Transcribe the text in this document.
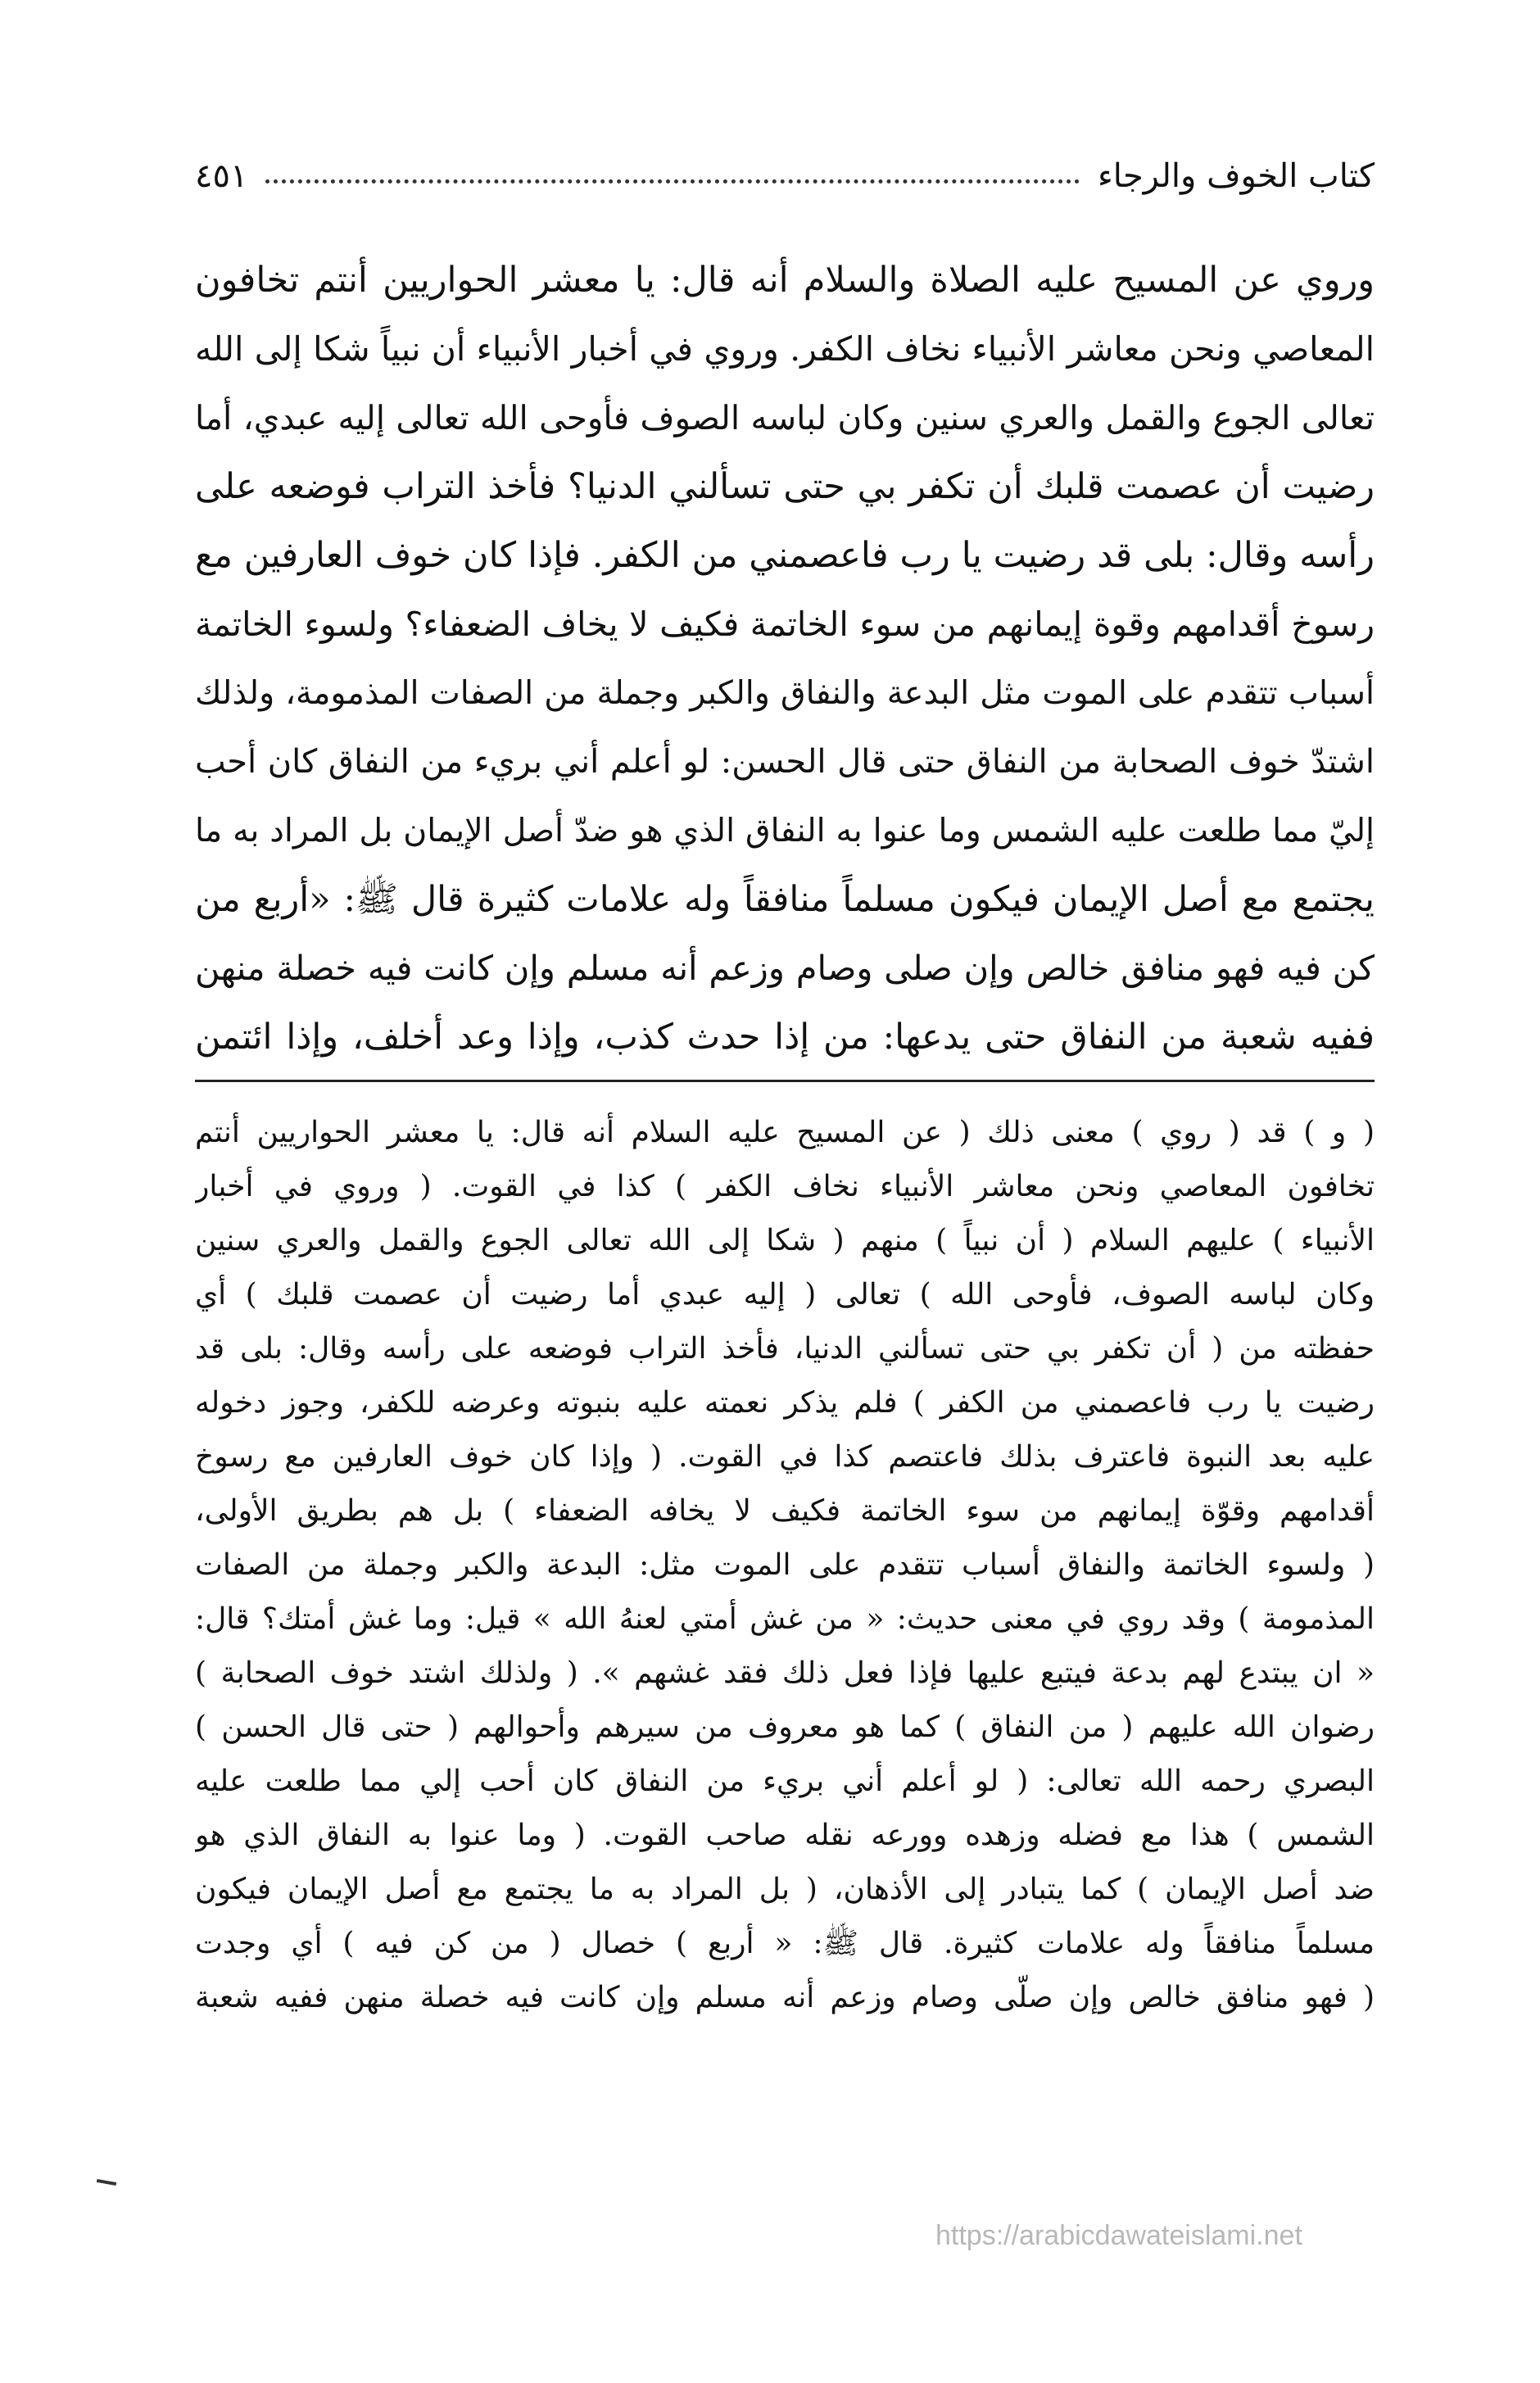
كتاب الخوف والرجاء
٤٥١
وروي عن المسيح عليه الصلاة والسلام أنه قال: يا معشر الحواريين أنتم تخافون
المعاصي ونحن معاشر الأنبياء نخاف الكفر. وروي في أخبار الأنبياء أن نبياً شكا إلى الله
تعالى الجوع والقمل والعري سنين وكان لباسه الصوف فأوحى الله تعالى إليه عبدي، أما
رضيت أن عصمت قلبك أن تكفر بي حتى تسألني الدنيا؟ فأخذ التراب فوضعه على
رأسه وقال: بلى قد رضيت يا رب فاعصمني من الكفر. فإذا كان خوف العارفين مع
رسوخ أقدامهم وقوة إيمانهم من سوء الخاتمة فكيف لا يخاف الضعفاء؟ ولسوء الخاتمة
أسباب تتقدم على الموت مثل البدعة والنفاق والكبر وجملة من الصفات المذمومة، ولذلك
اشتدّ خوف الصحابة من النفاق حتى قال الحسن: لو أعلم أني بريء من النفاق كان أحب
إليّ مما طلعت عليه الشمس وما عنوا به النفاق الذي هو ضدّ أصل الإيمان بل المراد به ما
يجتمع مع أصل الإيمان فيكون مسلماً منافقاً وله علامات كثيرة قال ﷺ: «أربع من
كن فيه فهو منافق خالص وإن صلى وصام وزعم أنه مسلم وإن كانت فيه خصلة منهن
ففيه شعبة من النفاق حتى يدعها: من إذا حدث كذب، وإذا وعد أخلف، وإذا ائتمن
( و ) قد ( روي ) معنى ذلك ( عن المسيح عليه السلام أنه قال: يا معشر الحواريين أنتم
تخافون المعاصي ونحن معاشر الأنبياء نخاف الكفر ) كذا في القوت. ( وروي في أخبار
الأنبياء ) عليهم السلام ( أن نبياً ) منهم ( شكا إلى الله تعالى الجوع والقمل والعري سنين
وكان لباسه الصوف، فأوحى الله ) تعالى ( إليه عبدي أما رضيت أن عصمت قلبك ) أي
حفظته من ( أن تكفر بي حتى تسألني الدنيا، فأخذ التراب فوضعه على رأسه وقال: بلى قد
رضيت يا رب فاعصمني من الكفر ) فلم يذكر نعمته عليه بنبوته وعرضه للكفر، وجوز دخوله
عليه بعد النبوة فاعترف بذلك فاعتصم كذا في القوت. ( وإذا كان خوف العارفين مع رسوخ
أقدامهم وقوّة إيمانهم من سوء الخاتمة فكيف لا يخافه الضعفاء ) بل هم بطريق الأولى،
( ولسوء الخاتمة والنفاق أسباب تتقدم على الموت مثل: البدعة والكبر وجملة من الصفات
المذمومة ) وقد روي في معنى حديث: « من غش أمتي لعنهُ الله » قيل: وما غش أمتك؟ قال:
« ان يبتدع لهم بدعة فيتبع عليها فإذا فعل ذلك فقد غشهم ». ( ولذلك اشتد خوف الصحابة )
رضوان الله عليهم ( من النفاق ) كما هو معروف من سيرهم وأحوالهم ( حتى قال الحسن )
البصري رحمه الله تعالى: ( لو أعلم أني بريء من النفاق كان أحب إلي مما طلعت عليه
الشمس ) هذا مع فضله وزهده وورعه نقله صاحب القوت. ( وما عنوا به النفاق الذي هو
ضد أصل الإيمان ) كما يتبادر إلى الأذهان، ( بل المراد به ما يجتمع مع أصل الإيمان فيكون
مسلماً منافقاً وله علامات كثيرة. قال ﷺ: « أربع ) خصال ( من كن فيه ) أي وجدت
( فهو منافق خالص وإن صلّى وصام وزعم أنه مسلم وإن كانت فيه خصلة منهن ففيه شعبة
https://arabicdawateislami.net
